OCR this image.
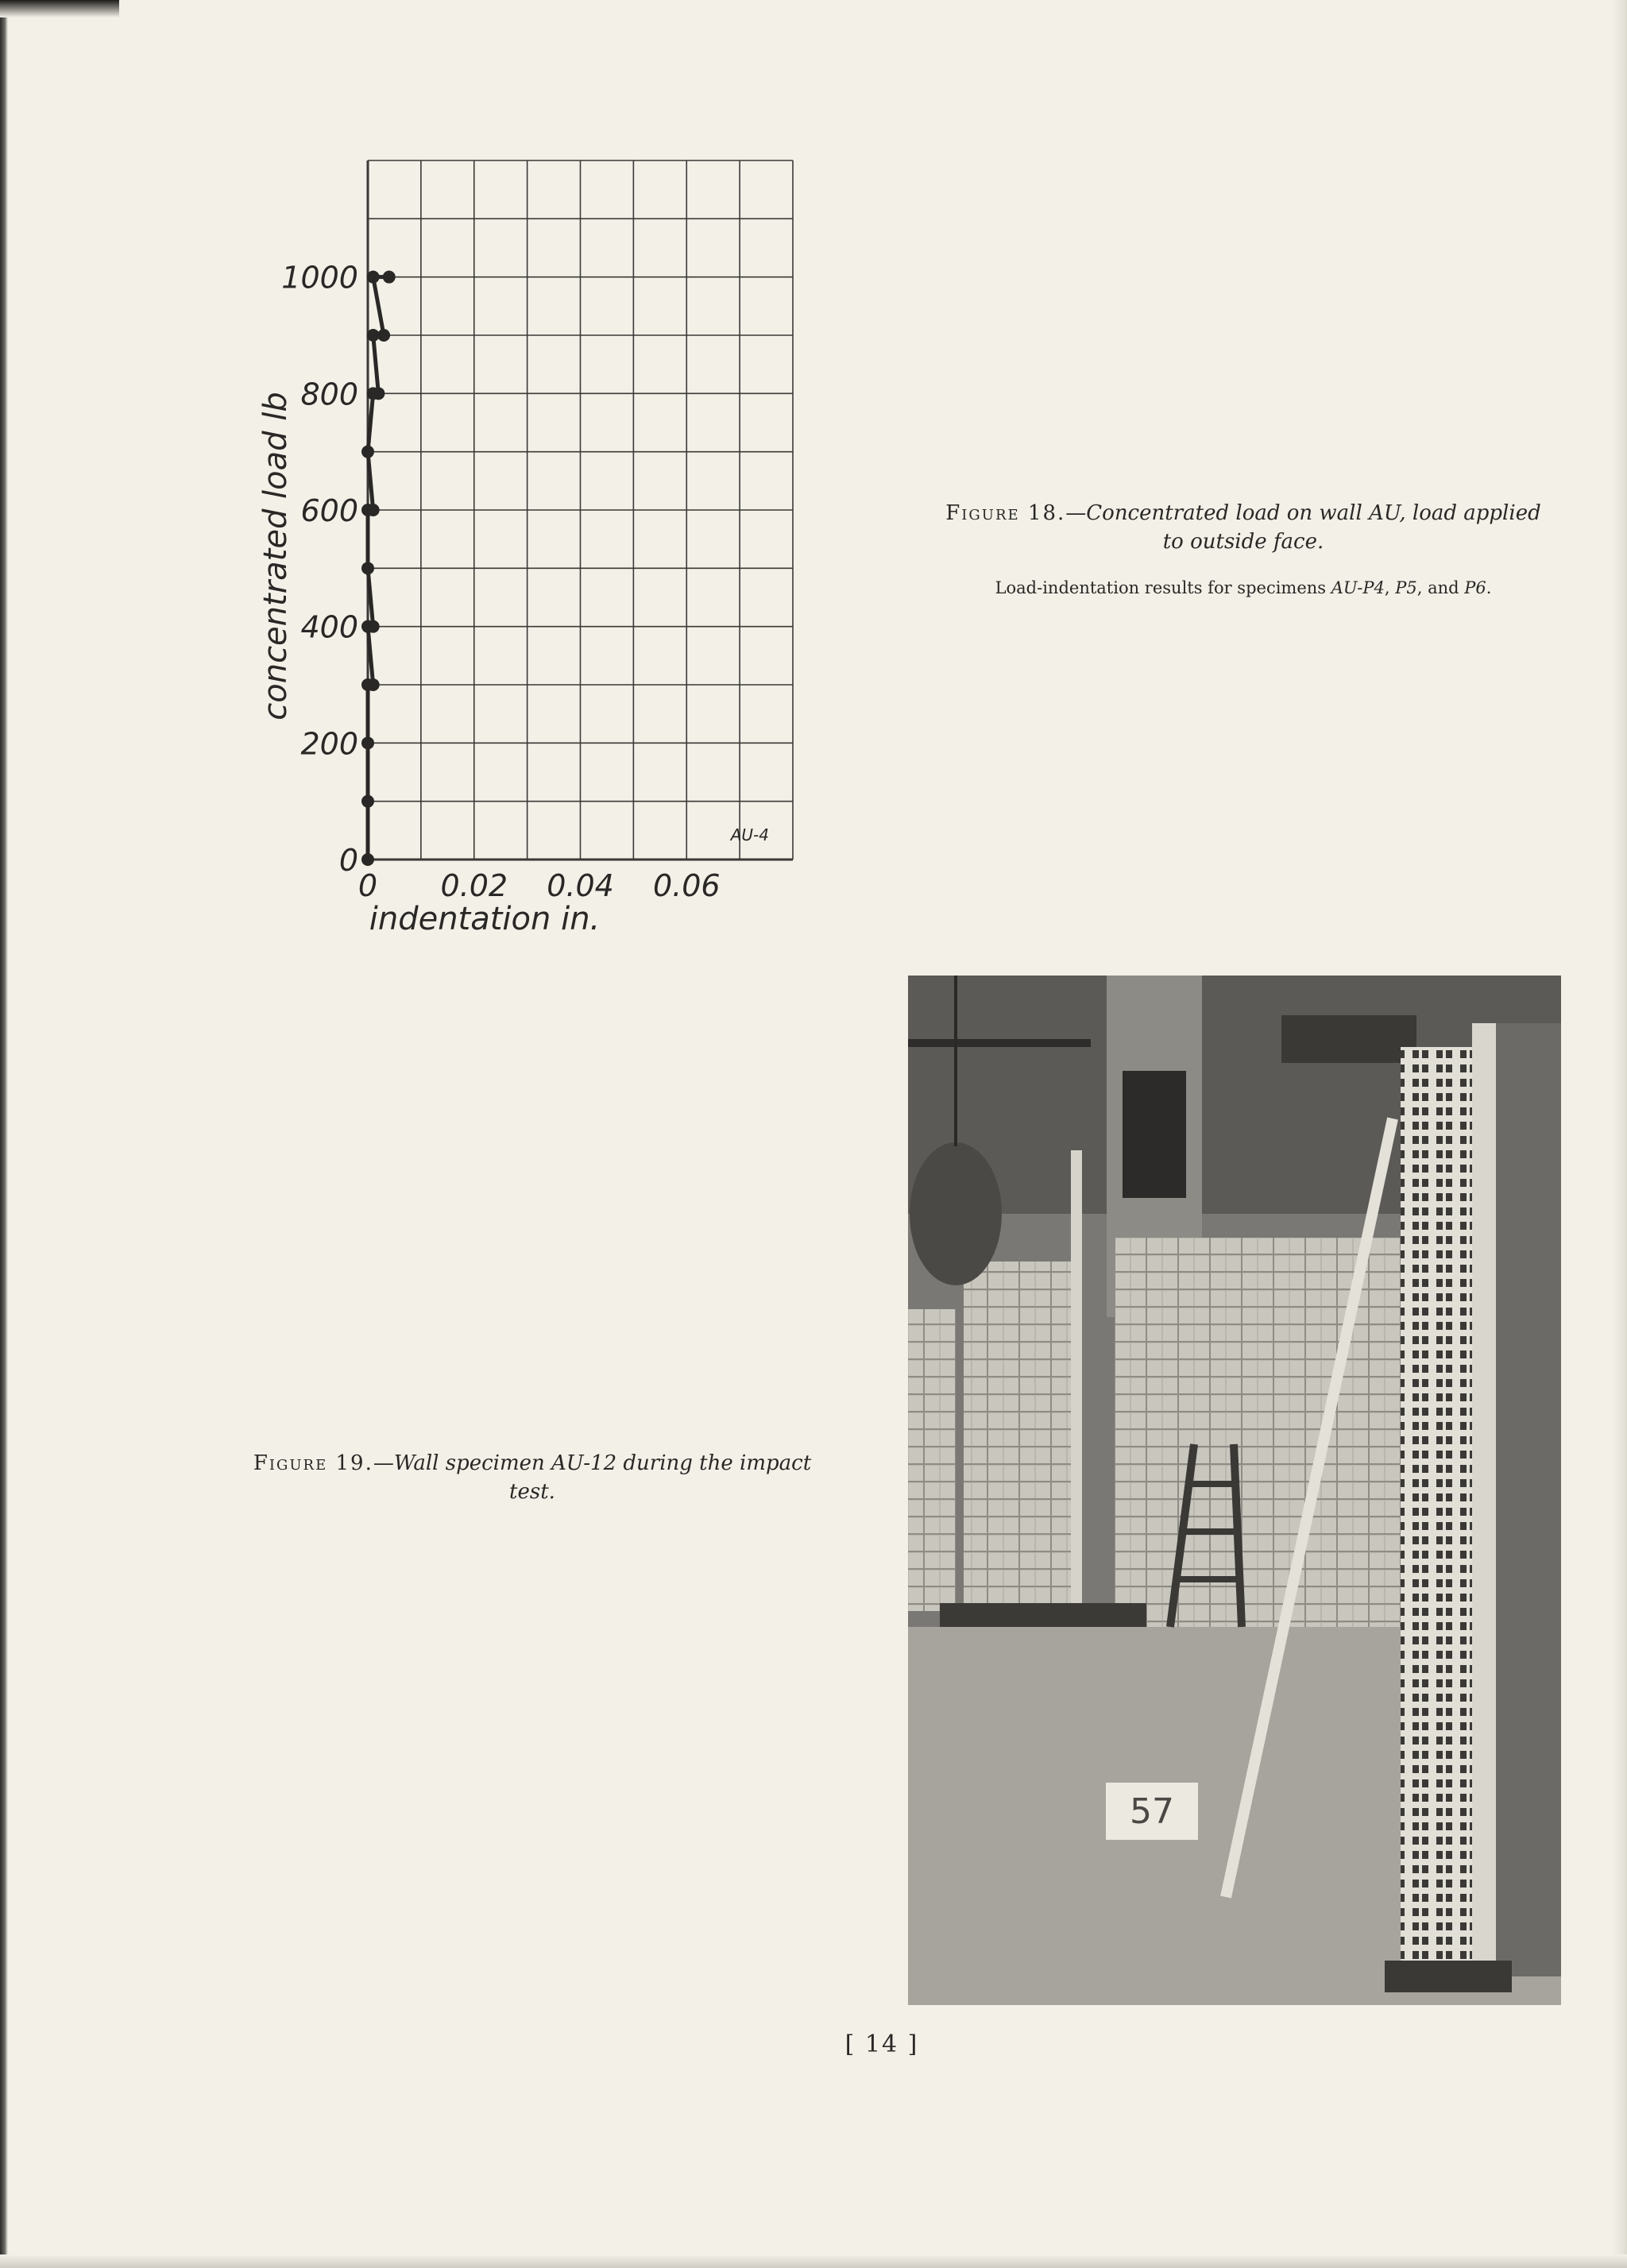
0
200
400
600
800
1000
0 0.02 0.04 0.06
indentation in.
concentrated load lb
AU-4
Figure 18.—Concentrated load on wall AU, load applied
to outside face.
Load-indentation results for specimens AU-P4, P5, and P6.
Figure 19.—Wall specimen AU-12 during the impact
test.
57
[ 14 ]
